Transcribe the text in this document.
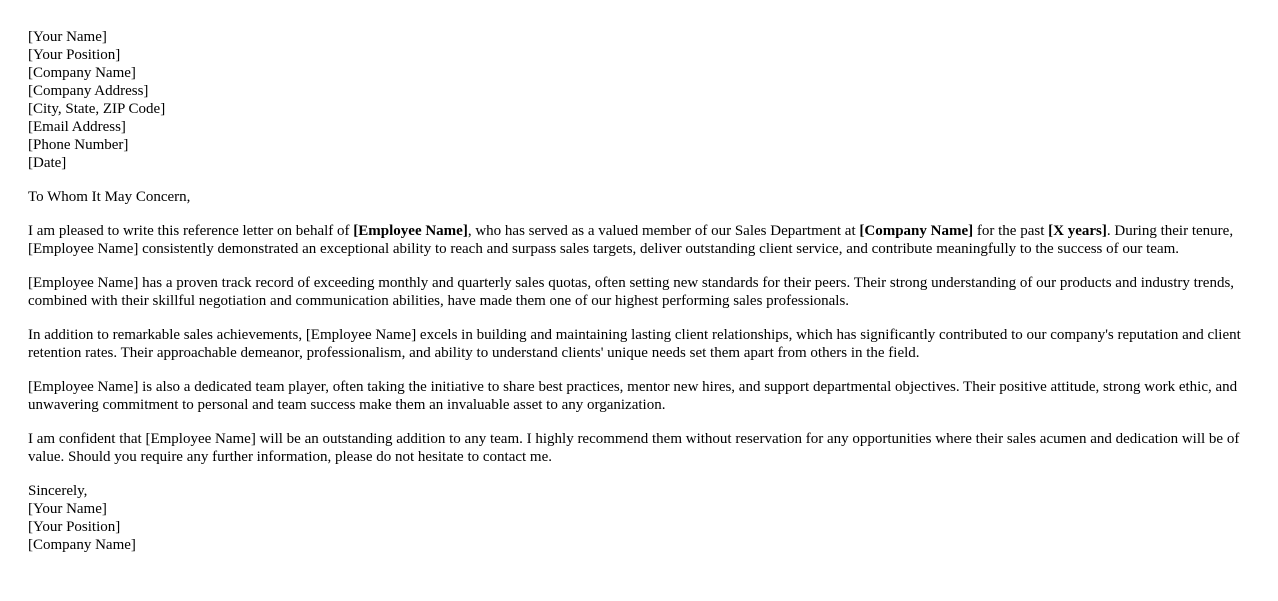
[Your Name]
[Your Position]
[Company Name]
[Company Address]
[City, State, ZIP Code]
[Email Address]
[Phone Number]
[Date]

To Whom It May Concern,

I am pleased to write this reference letter on behalf of [Employee Name], who has served as a valued member of our Sales Department at [Company Name] for the past [X years]. During their tenure, [Employee Name] consistently demonstrated an exceptional ability to reach and surpass sales targets, deliver outstanding client service, and contribute meaningfully to the success of our team.

[Employee Name] has a proven track record of exceeding monthly and quarterly sales quotas, often setting new standards for their peers. Their strong understanding of our products and industry trends, combined with their skillful negotiation and communication abilities, have made them one of our highest performing sales professionals.

In addition to remarkable sales achievements, [Employee Name] excels in building and maintaining lasting client relationships, which has significantly contributed to our company's reputation and client retention rates. Their approachable demeanor, professionalism, and ability to understand clients' unique needs set them apart from others in the field.

[Employee Name] is also a dedicated team player, often taking the initiative to share best practices, mentor new hires, and support departmental objectives. Their positive attitude, strong work ethic, and unwavering commitment to personal and team success make them an invaluable asset to any organization.

I am confident that [Employee Name] will be an outstanding addition to any team. I highly recommend them without reservation for any opportunities where their sales acumen and dedication will be of value. Should you require any further information, please do not hesitate to contact me.

Sincerely,
[Your Name]
[Your Position]
[Company Name]
